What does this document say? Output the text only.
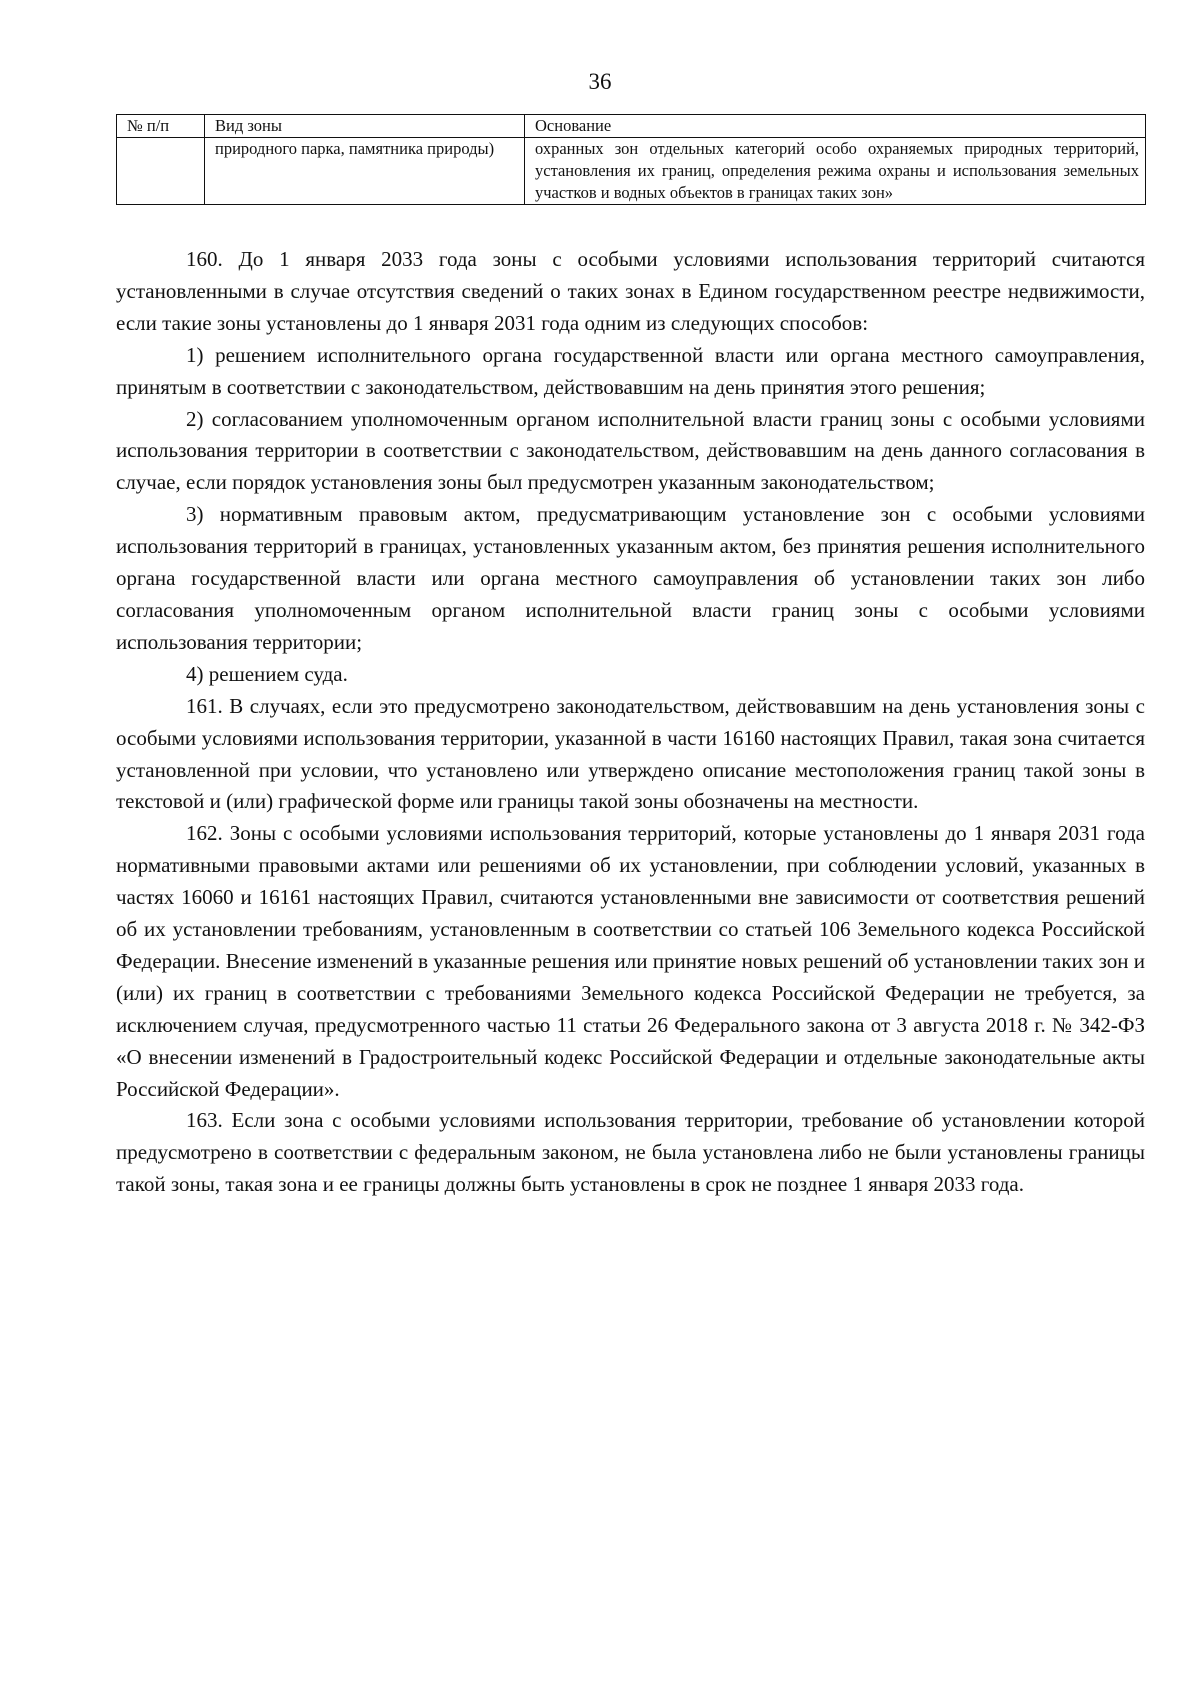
36
№ п/п	Вид зоны	Основание
	природного парка, памятника природы)	охранных зон отдельных категорий особо охраняемых природных территорий, установления их границ, определения режима охраны и использования земельных участков и водных объектов в границах таких зон»

160. До 1 января 2033 года зоны с особыми условиями использования территорий считаются установленными в случае отсутствия сведений о таких зонах в Едином государственном реестре недвижимости, если такие зоны установлены до 1 января 2031 года одним из следующих способов:

1) решением исполнительного органа государственной власти или органа местного самоуправления, принятым в соответствии с законодательством, действовавшим на день принятия этого решения;

2) согласованием уполномоченным органом исполнительной власти границ зоны с особыми условиями использования территории в соответствии с законодательством, действовавшим на день данного согласования в случае, если порядок установления зоны был предусмотрен указанным законодательством;

3) нормативным правовым актом, предусматривающим установление зон с особыми условиями использования территорий в границах, установленных указанным актом, без принятия решения исполнительного органа государственной власти или органа местного самоуправления об установлении таких зон либо согласования уполномоченным органом исполнительной власти границ зоны с особыми условиями использования территории;

4) решением суда.

161. В случаях, если это предусмотрено законодательством, действовавшим на день установления зоны с особыми условиями использования территории, указанной в части 16160 настоящих Правил, такая зона считается установленной при условии, что установлено или утверждено описание местоположения границ такой зоны в текстовой и (или) графической форме или границы такой зоны обозначены на местности.

162. Зоны с особыми условиями использования территорий, которые установлены до 1 января 2031 года нормативными правовыми актами или решениями об их установлении, при соблюдении условий, указанных в частях 16060 и 16161 настоящих Правил, считаются установленными вне зависимости от соответствия решений об их установлении требованиям, установленным в соответствии со статьей 106 Земельного кодекса Российской Федерации. Внесение изменений в указанные решения или принятие новых решений об установлении таких зон и (или) их границ в соответствии с требованиями Земельного кодекса Российской Федерации не требуется, за исключением случая, предусмотренного частью 11 статьи 26 Федерального закона от 3 августа 2018 г. № 342-ФЗ «О внесении изменений в Градостроительный кодекс Российской Федерации и отдельные законодательные акты Российской Федерации».

163. Если зона с особыми условиями использования территории, требование об установлении которой предусмотрено в соответствии с федеральным законом, не была установлена либо не были установлены границы такой зоны, такая зона и ее границы должны быть установлены в срок не позднее 1 января 2033 года.
